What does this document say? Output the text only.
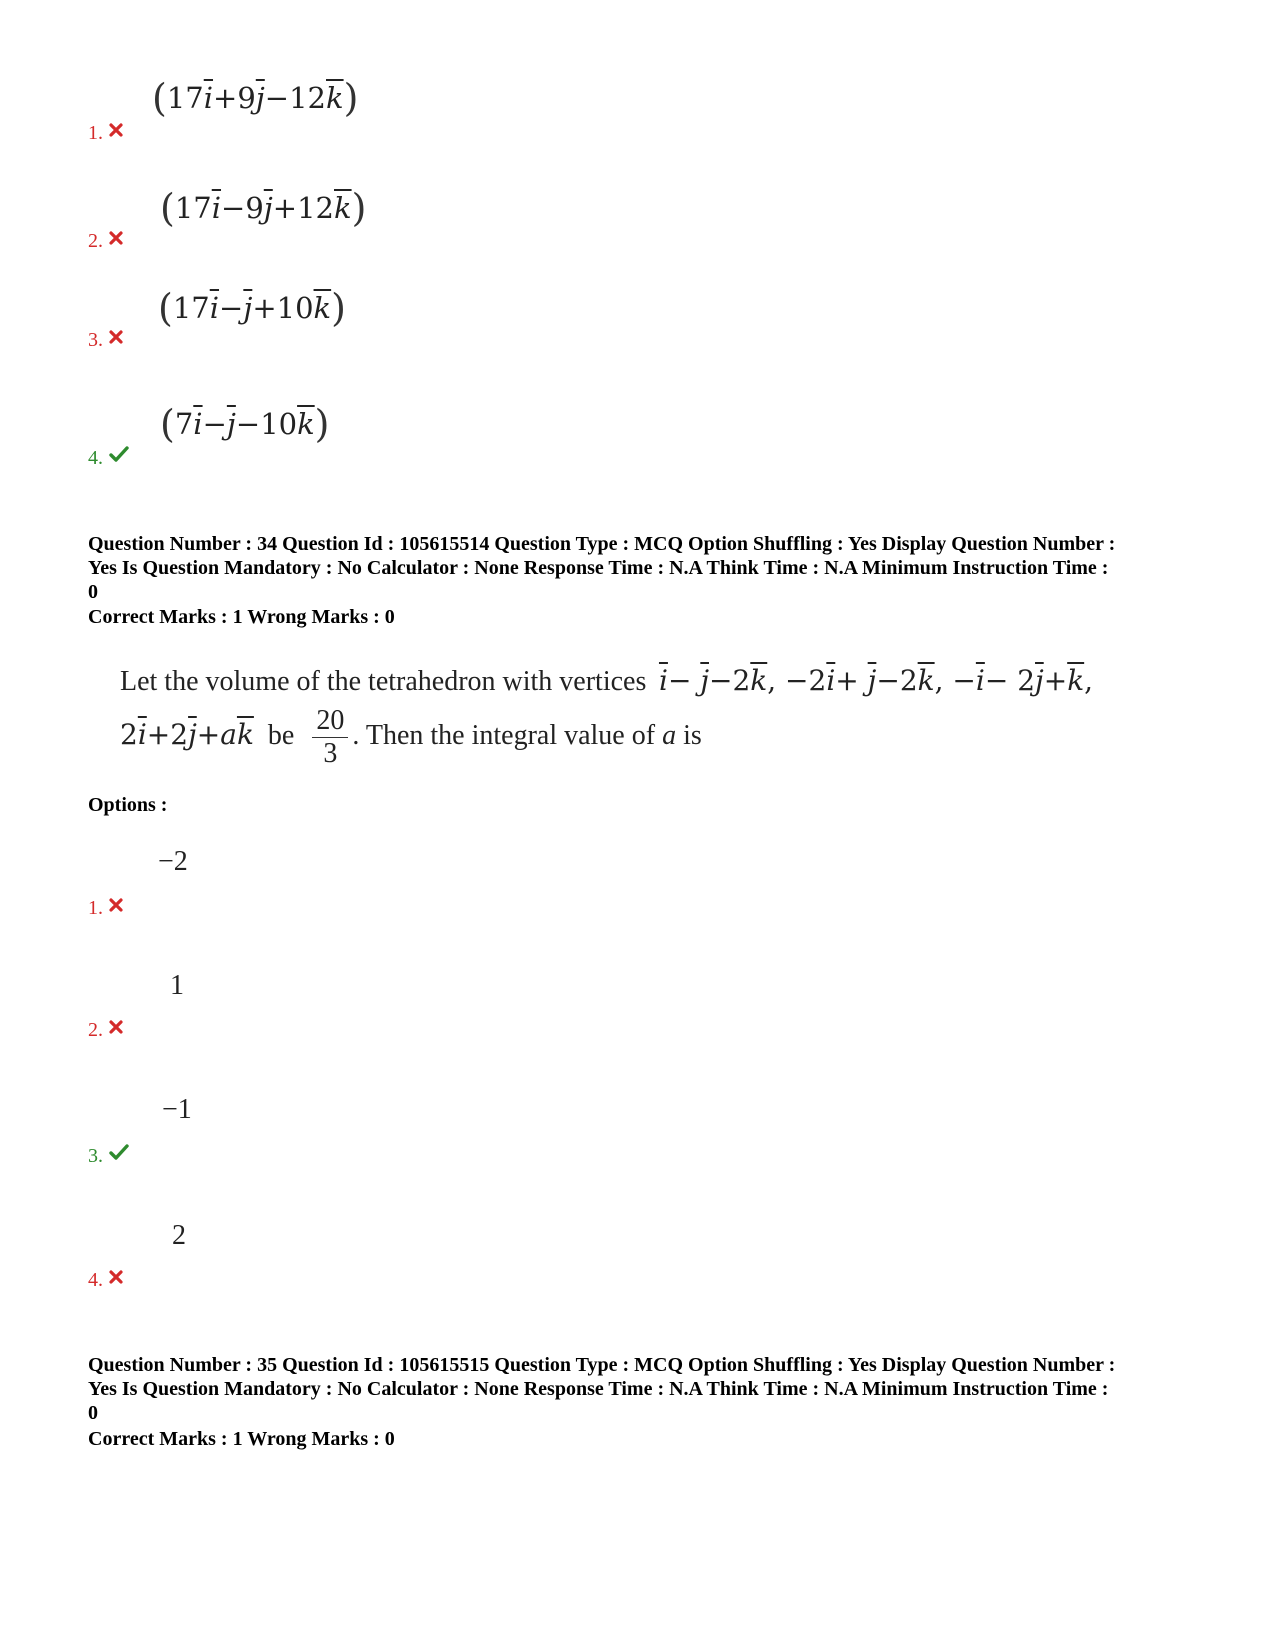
$(17\overline{i}+9\overline{j}-12\overline{k})$
1.
$(17\overline{i}-9\overline{j}+12\overline{k})$
2.
$(17\overline{i}-\overline{j}+10\overline{k})$
3.
$(7\overline{i}-\overline{j}-10\overline{k})$
4.
Question Number : 34 Question Id : 105615514 Question Type : MCQ Option Shuffling : Yes Display Question Number :
Yes Is Question Mandatory : No Calculator : None Response Time : N.A Think Time : N.A Minimum Instruction Time :
0
Correct Marks : 1 Wrong Marks : 0
Let the volume of the tetrahedron with vertices   $\overline{i}- \overline{j}-2\overline{k}$, $-2\overline{i}+ \overline{j}-2\overline{k}$, $-\overline{i}- 2\overline{j}+\overline{k}$,
$2\overline{i}+2\overline{j}+a\overline{k}$ be $\frac{20}{3}$ . Then the integral value of a is
Options :
−2
1.
1
2.
−1
3.
2
4.
Question Number : 35 Question Id : 105615515 Question Type : MCQ Option Shuffling : Yes Display Question Number :
Yes Is Question Mandatory : No Calculator : None Response Time : N.A Think Time : N.A Minimum Instruction Time :
0
Correct Marks : 1 Wrong Marks : 0
